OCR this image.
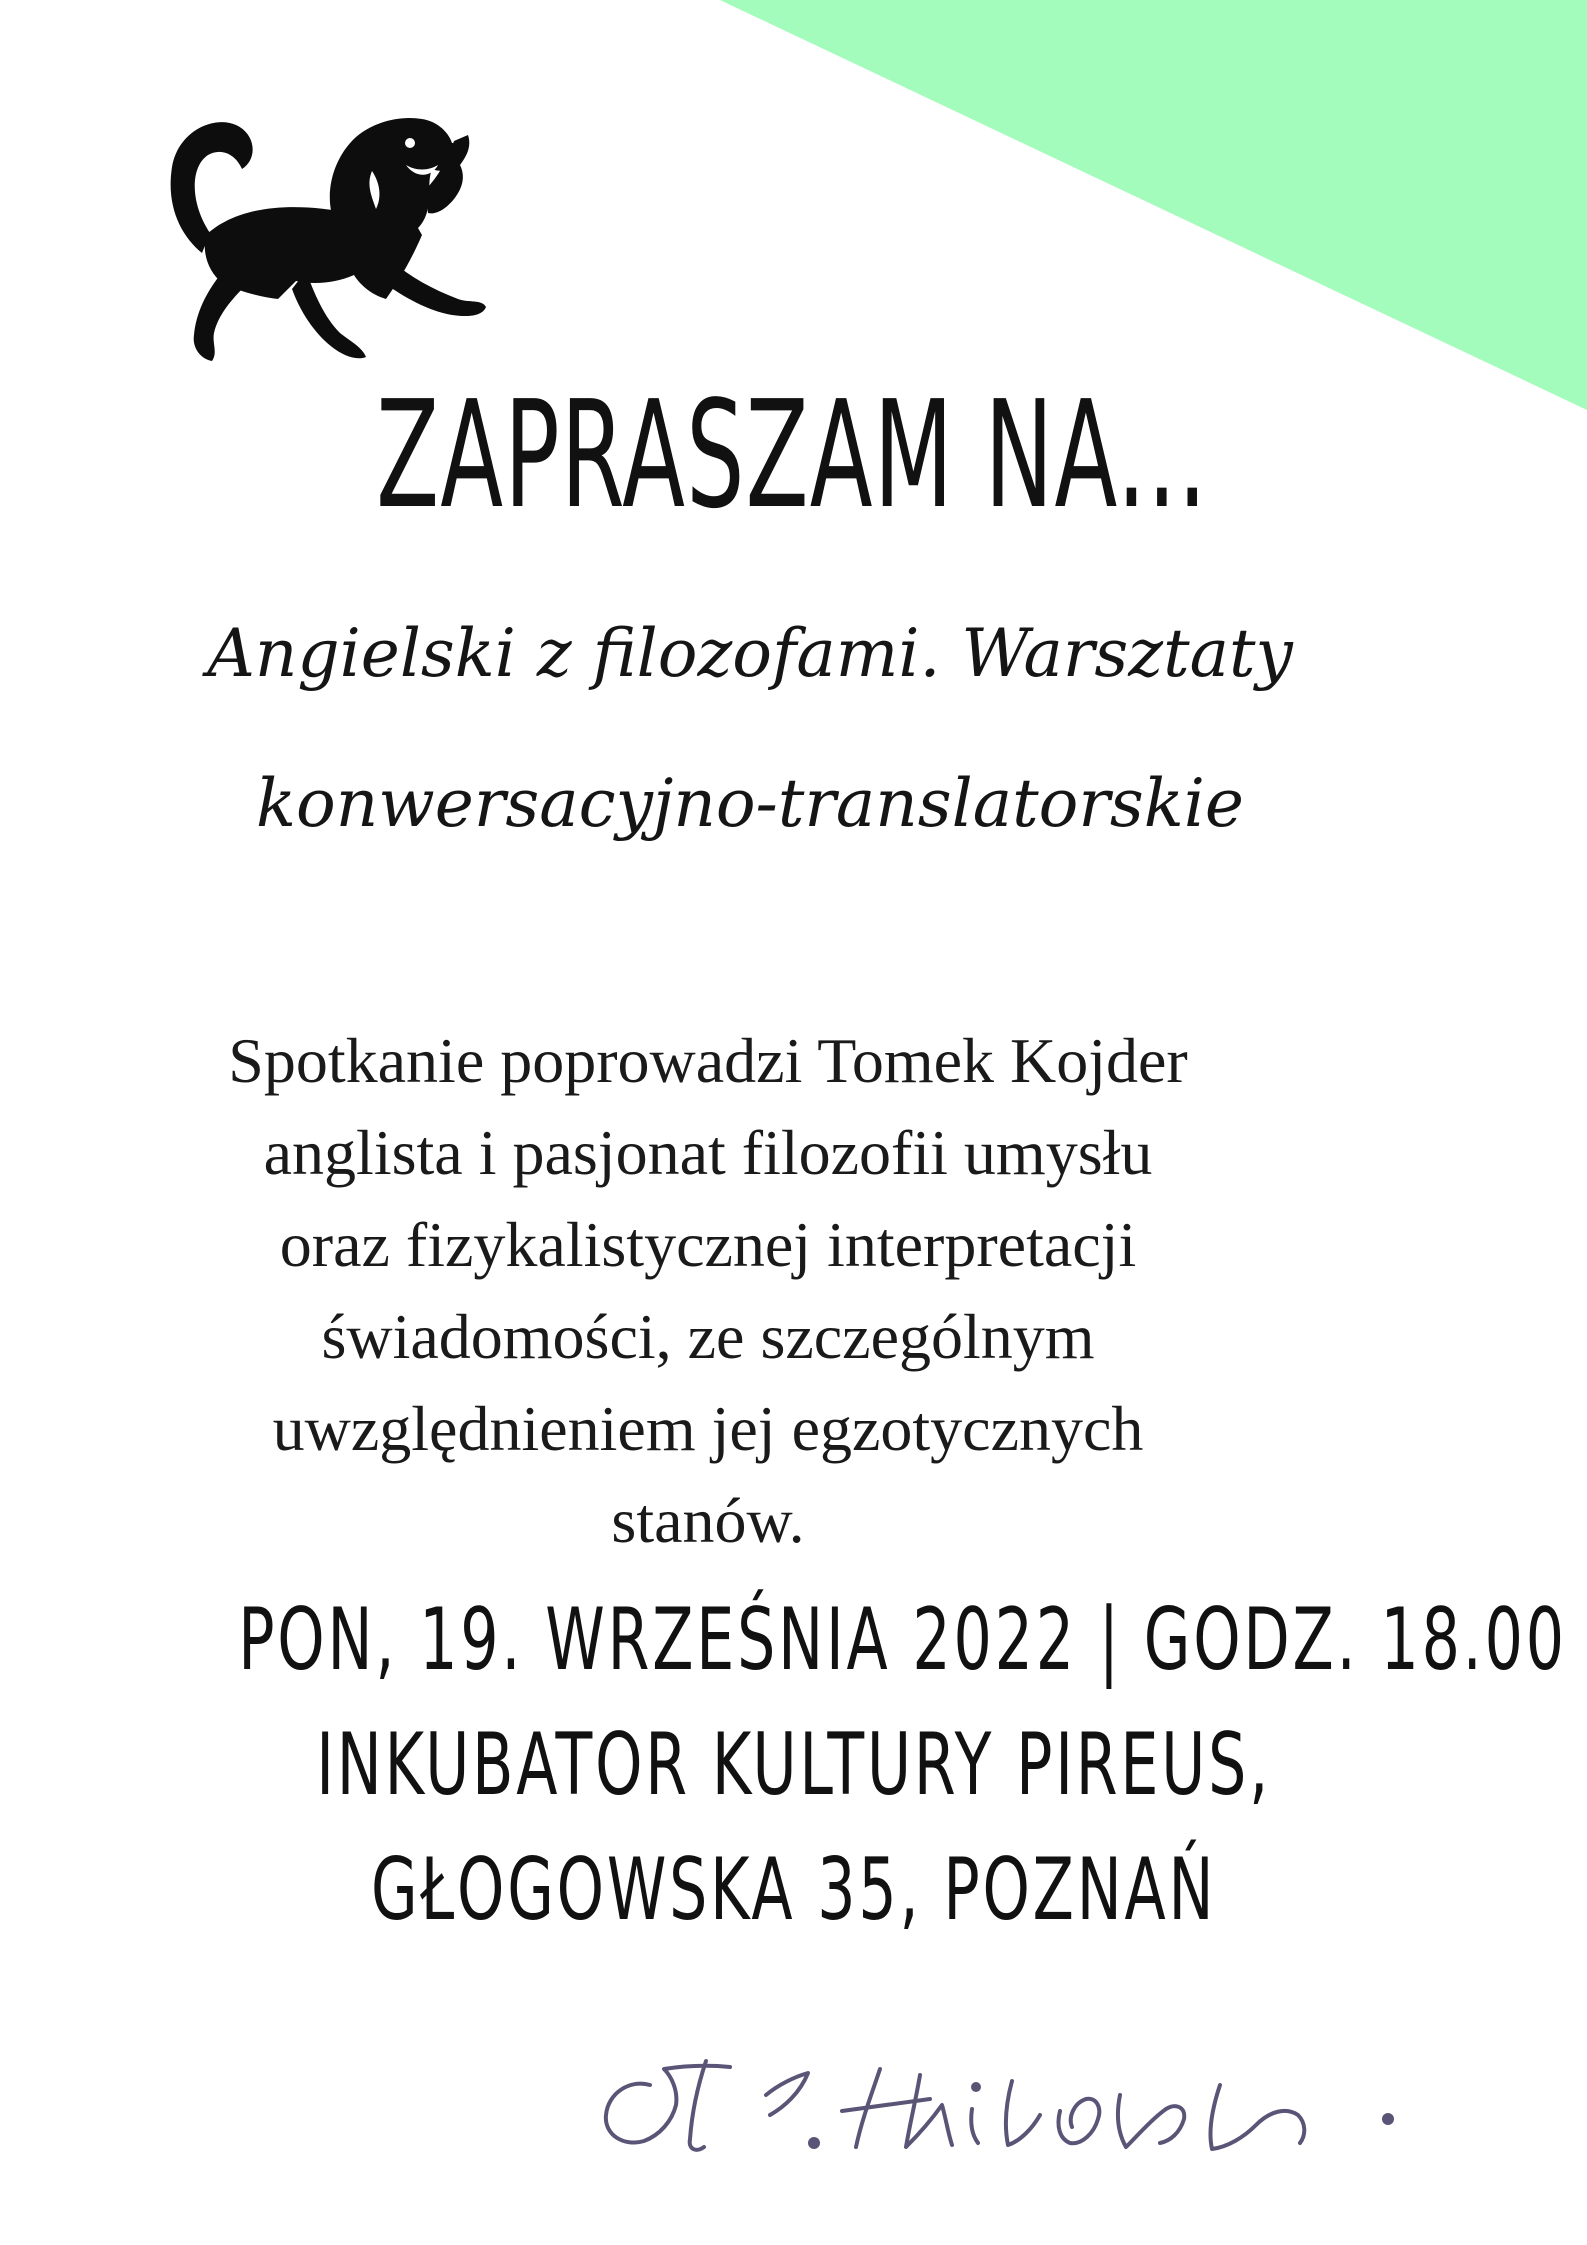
ZAPRASZAM NA...
Angielski z filozofami. Warsztaty
konwersacyjno-translatorskie
Spotkanie poprowadzi Tomek Kojder
anglista i pasjonat filozofii umysłu
oraz fizykalistycznej interpretacji
świadomości, ze szczególnym
uwzględnieniem jej egzotycznych
stanów.
PON, 19. WRZEŚNIA 2022 | GODZ. 18.00
INKUBATOR KULTURY PIREUS,
GŁOGOWSKA 35, POZNAŃ
